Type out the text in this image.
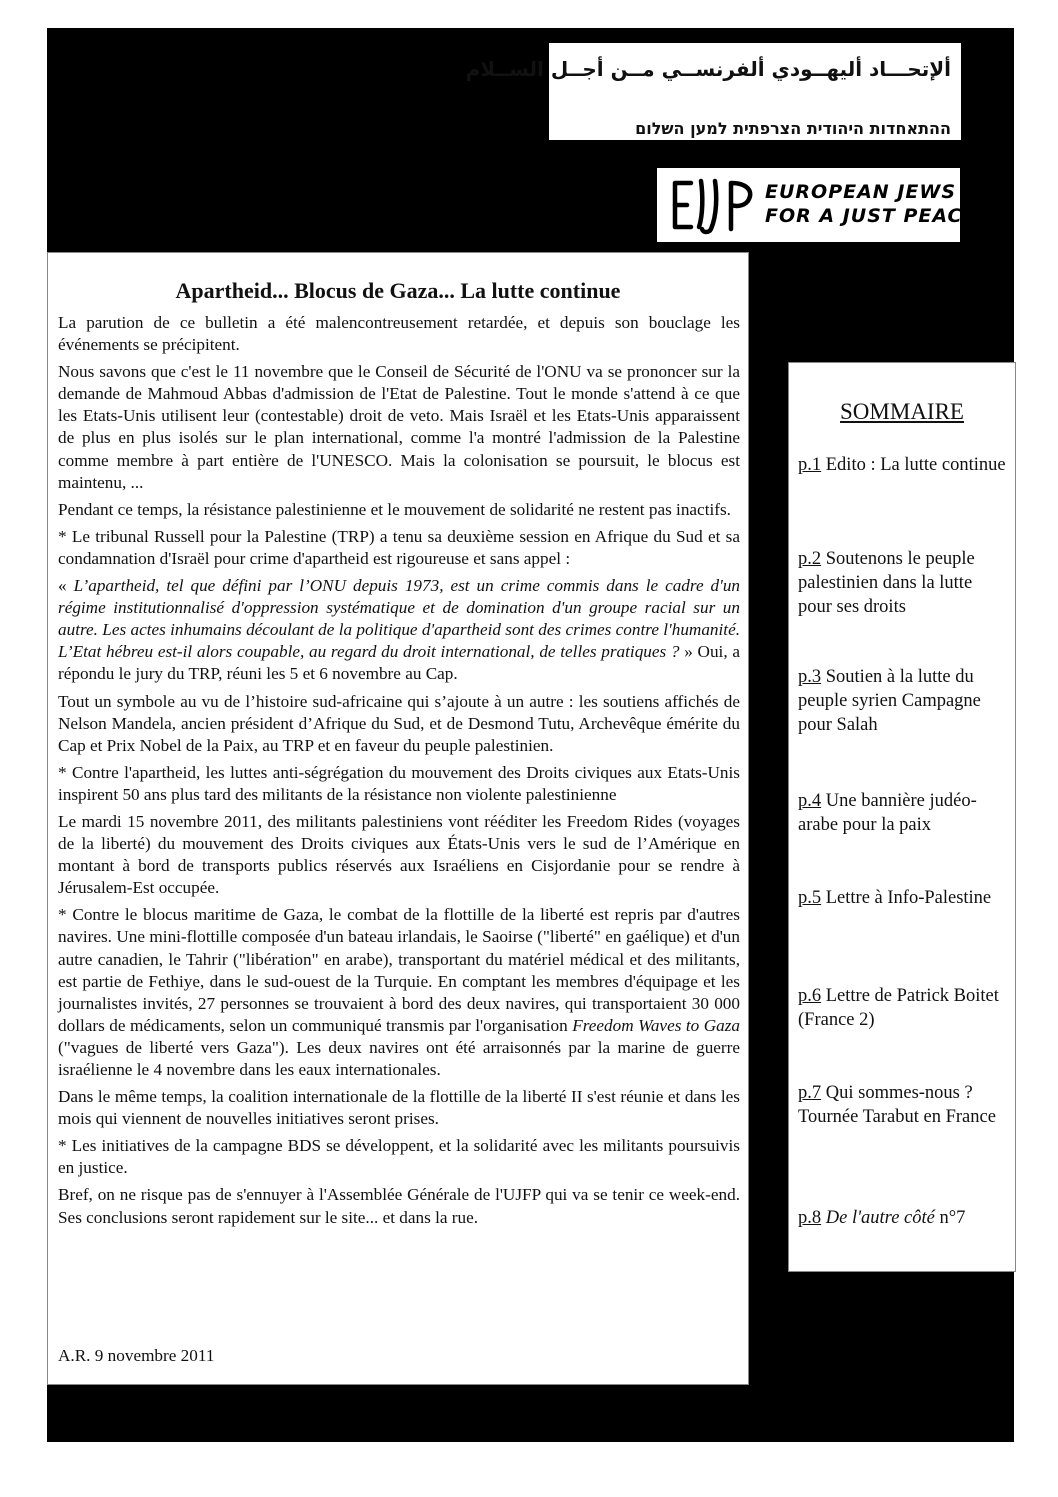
ألإتحـــاد أليهــودي ألفرنســي مــن أجــل الســلام
ההתאחדות היהודית הצרפתית למען השלום
EUROPEAN JEWS
FOR A JUST PEACE
Apartheid... Blocus de Gaza... La lutte continue

La parution de ce bulletin a été malencontreusement retardée, et depuis son bouclage les événements se précipitent.

Nous savons que c'est le 11 novembre que le Conseil de Sécurité de l'ONU va se prononcer sur la demande de Mahmoud Abbas d'admission de l'Etat de Palestine. Tout le monde s'attend à ce que les Etats-Unis utilisent leur (contestable) droit de veto. Mais Israël et les Etats-Unis apparaissent de plus en plus isolés sur le plan international, comme l'a montré l'admission de la Palestine comme membre à part entière de l'UNESCO. Mais la colonisation se poursuit, le blocus est maintenu, ...

Pendant ce temps, la résistance palestinienne et le mouvement de solidarité ne restent pas inactifs.

* Le tribunal Russell pour la Palestine (TRP) a tenu sa deuxième session en Afrique du Sud et sa condamnation d'Israël pour crime d'apartheid est rigoureuse et sans appel :

« L’apartheid, tel que défini par l’ONU depuis 1973, est un crime commis dans le cadre d'un régime institutionnalisé d'oppression systématique et de domination d'un groupe racial sur un autre. Les actes inhumains découlant de la politique d'apartheid sont des crimes contre l'humanité. L’Etat hébreu est-il alors coupable, au regard du droit international, de telles pratiques ? » Oui, a répondu le jury du TRP, réuni les 5 et 6 novembre au Cap.

Tout un symbole au vu de l’histoire sud-africaine qui s’ajoute à un autre : les soutiens affichés de Nelson Mandela, ancien président d’Afrique du Sud, et de Desmond Tutu, Archevêque émérite du Cap et Prix Nobel de la Paix, au TRP et en faveur du peuple palestinien.

* Contre l'apartheid, les luttes anti-ségrégation du mouvement des Droits civiques aux Etats-Unis inspirent 50 ans plus tard des militants de la résistance non violente palestinienne

Le mardi 15 novembre 2011, des militants palestiniens vont rééditer les Freedom Rides (voyages de la liberté) du mouvement des Droits civiques aux États-Unis vers le sud de l’Amérique en montant à bord de transports publics réservés aux Israéliens en Cisjordanie pour se rendre à Jérusalem-Est occupée.

* Contre le blocus maritime de Gaza, le combat de la flottille de la liberté est repris par d'autres navires. Une mini-flottille composée d'un bateau irlandais, le Saoirse ("liberté" en gaélique) et d'un autre canadien, le Tahrir ("libération" en arabe), transportant du matériel médical et des militants, est partie de Fethiye, dans le sud-ouest de la Turquie. En comptant les membres d'équipage et les journalistes invités, 27 personnes se trouvaient à bord des deux navires, qui transportaient 30 000 dollars de médicaments, selon un communiqué transmis par l'organisation Freedom Waves to Gaza ("vagues de liberté vers Gaza"). Les deux navires ont été arraisonnés par la marine de guerre israélienne le 4 novembre dans les eaux internationales.

Dans le même temps, la coalition internationale de la flottille de la liberté II s'est réunie et dans les mois qui viennent de nouvelles initiatives seront prises.

* Les initiatives de la campagne BDS se développent, et la solidarité avec les militants poursuivis en justice.

Bref, on ne risque pas de s'ennuyer à l'Assemblée Générale de l'UJFP qui va se tenir ce week-end. Ses conclusions seront rapidement sur le site... et dans la rue.

A.R. 9 novembre 2011
SOMMAIRE
p.1 Edito : La lutte continue
p.2 Soutenons le peuple palestinien dans la lutte pour ses droits
p.3 Soutien à la lutte du peuple syrien Campagne pour Salah
p.4 Une bannière judéo-arabe pour la paix
p.5 Lettre à Info-Palestine
p.6 Lettre de Patrick Boitet (France 2)
p.7 Qui sommes-nous ? Tournée Tarabut en France
p.8 De l'autre côté n°7
